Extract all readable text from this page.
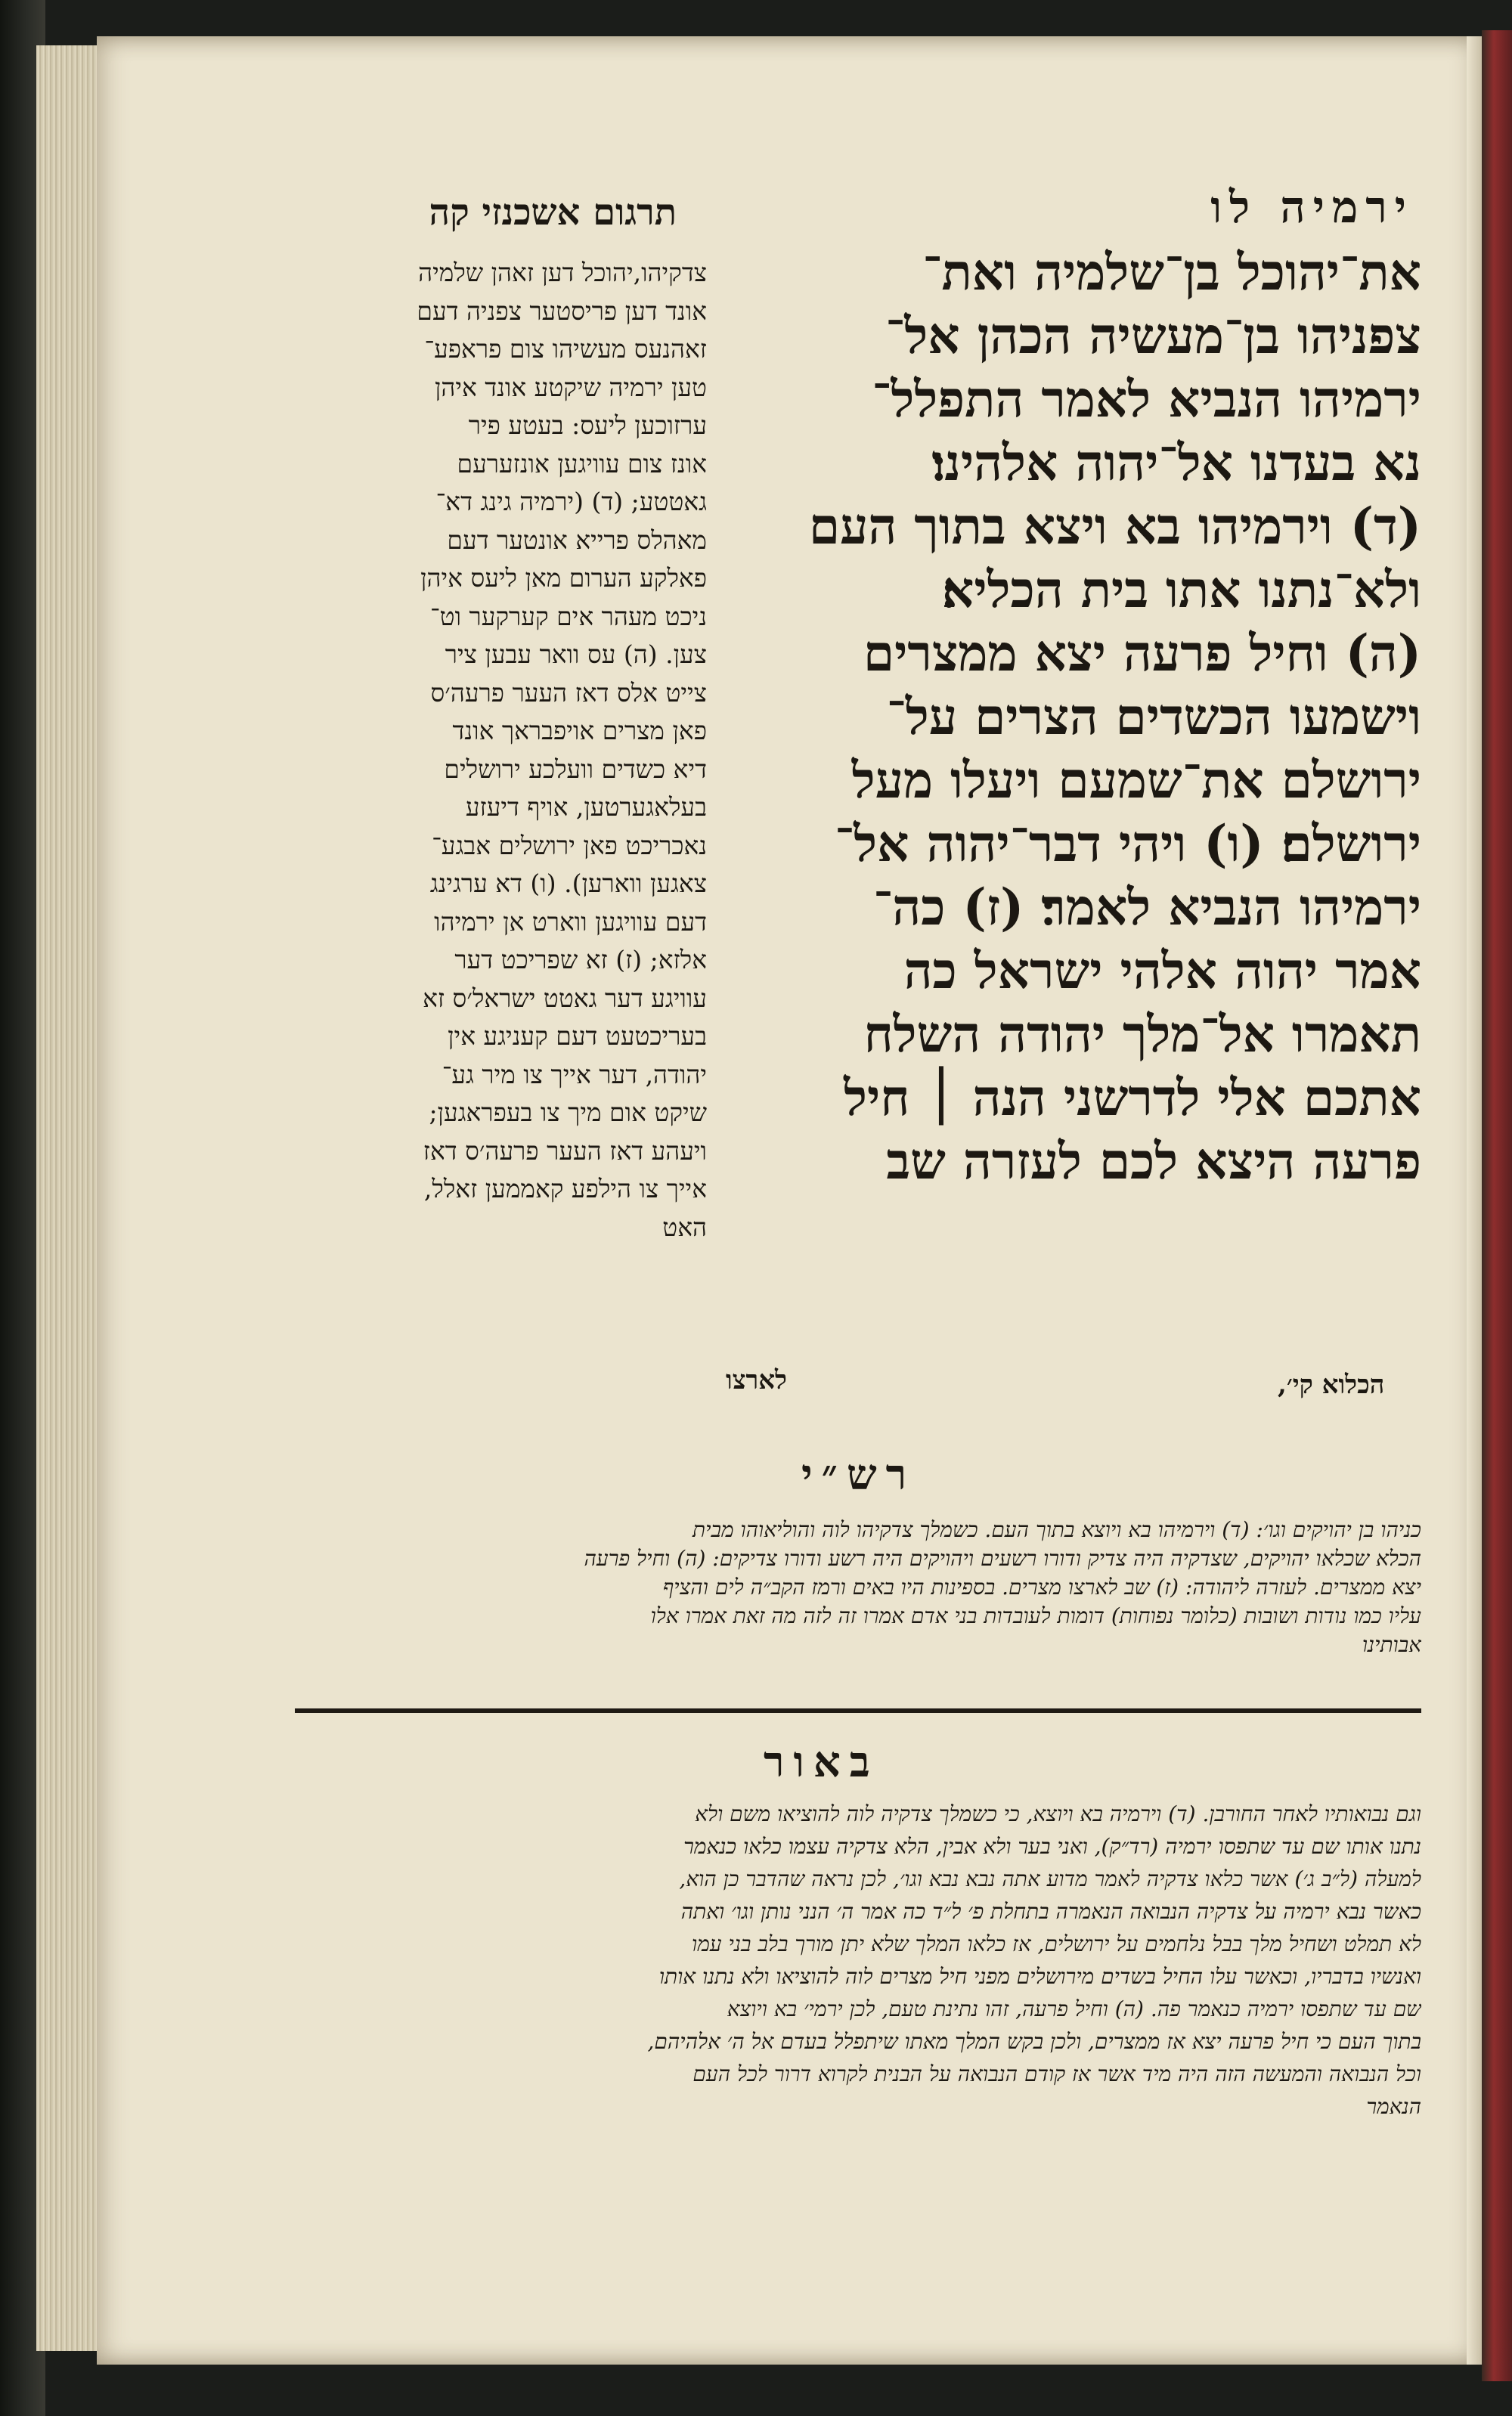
ירמיה לו
את־יהוכל בן־שלמיה ואת־
צפניהו בן־מעשיה הכהן אל־
ירמיהו הנביא לאמר התפלל־
נא בעדנו אל־יהוה אלהינו׃
(ד) וירמיהו בא ויצא בתוך העם
ולא־נתנו אתו בית הכליא׃
(ה) וחיל פרעה יצא ממצרים
וישמעו הכשדים הצרים על־
ירושלם את־שמעם ויעלו מעל
ירושלם׃ (ו) ויהי דבר־יהוה אל־
ירמיהו הנביא לאמר׃ (ז) כה־
אמר יהוה אלהי ישראל כה
תאמרו אל־מלך יהודה השלח
אתכם אלי לדרשני הנה ׀ חיל
פרעה היצא לכם לעזרה שב
תרגום אשכנזי קה
צדקיהו,יהוכל דען זאהן שלמיה
אונד דען פריסטער צפניה דעם
זאהנעס מעשיהו צום פראפע־
טען ירמיה שיקטע אונד איהן
ערזוכען ליעס: בעטע פיר
אונז צום עוויגען אונזערעם
גאטטע; (ד) (ירמיה גינג דא־
מאהלס פרייא אונטער דעם
פאלקע הערום מאן ליעס איהן
ניכט מעהר אים קערקער וט־
צען. (ה) עס וואר עבען ציר
צייט אלס דאז העער פרעה׳ס
פאן מצרים אויפבראך אונד
דיא כשדים וועלכע ירושלים
בעלאגערטען, אויף דיעזע
נאכריכט פאן ירושלים אבגע־
צאגען ווארען). (ו) דא ערגינג
דעם עוויגען ווארט אן ירמיהו
אלזא; (ז) זא שפריכט דער
עוויגע דער גאטט ישראל׳ס זא
בעריכטעט דעם קעניגע אין
יהודה, דער אייך צו מיר גע־
שיקט אום מיך צו בעפראגען;
ויעהע דאז העער פרעה׳ס דאז
אייך צו הילפע קאממען זאלל,
האט
הכלוא קי׳,
לארצו
רש״י
כניהו בן יהויקים וגו׳: (ד) וירמיהו בא ויוצא בתוך העם. כשמלך צדקיהו לוה והוליאוהו מבית
הכלא שכלאו יהויקים, שצדקיה היה צדיק ודורו רשעים ויהויקים היה רשע ודורו צדיקים: (ה) וחיל פרעה
יצא ממצרים. לעזרה ליהודה: (ז) שב לארצו מצרים. בספינות היו באים ורמז הקב״ה לים והציף
עליו כמו נודות ושובות (כלומר נפוחות) דומות לעובדות בני אדם אמרו זה לזה מה זאת אמרו אלו
אבותינו
באור
וגם נבואותיו לאחר החורבן. (ד) וירמיה בא ויוצא, כי כשמלך צדקיה לוה להוציאו משם ולא
נתנו אותו שם עד שתפסו ירמיה (רד״ק), ואני בער ולא אבין, הלא צדקיה עצמו כלאו כנאמר
למעלה (ל״ב ג׳) אשר כלאו צדקיה לאמר מדוע אתה נבא נבא וגו׳, לכן נראה שהדבר כן הוא,
כאשר נבא ירמיה על צדקיה הנבואה הנאמרה בתחלת פ׳ ל״ד כה אמר ה׳ הנני נותן וגו׳ ואתה
לא תמלט ושחיל מלך בבל נלחמים על ירושלים, אז כלאו המלך שלא יתן מורך בלב בני עמו
ואנשיו בדבריו, וכאשר עלו החיל בשדים מירושלים מפני חיל מצרים לוה להוציאו ולא נתנו אותו
שם עד שתפסו ירמיה כנאמר פה. (ה) וחיל פרעה, זהו נתינת טעם, לכן ירמי׳ בא ויוצא
בתוך העם כי חיל פרעה יצא אז ממצרים, ולכן בקש המלך מאתו שיתפלל בעדם אל ה׳ אלהיהם,
וכל הנבואה והמעשה הזה היה מיד אשר אז קודם הנבואה על הבנית לקרוא דרור לכל העם
הנאמר
